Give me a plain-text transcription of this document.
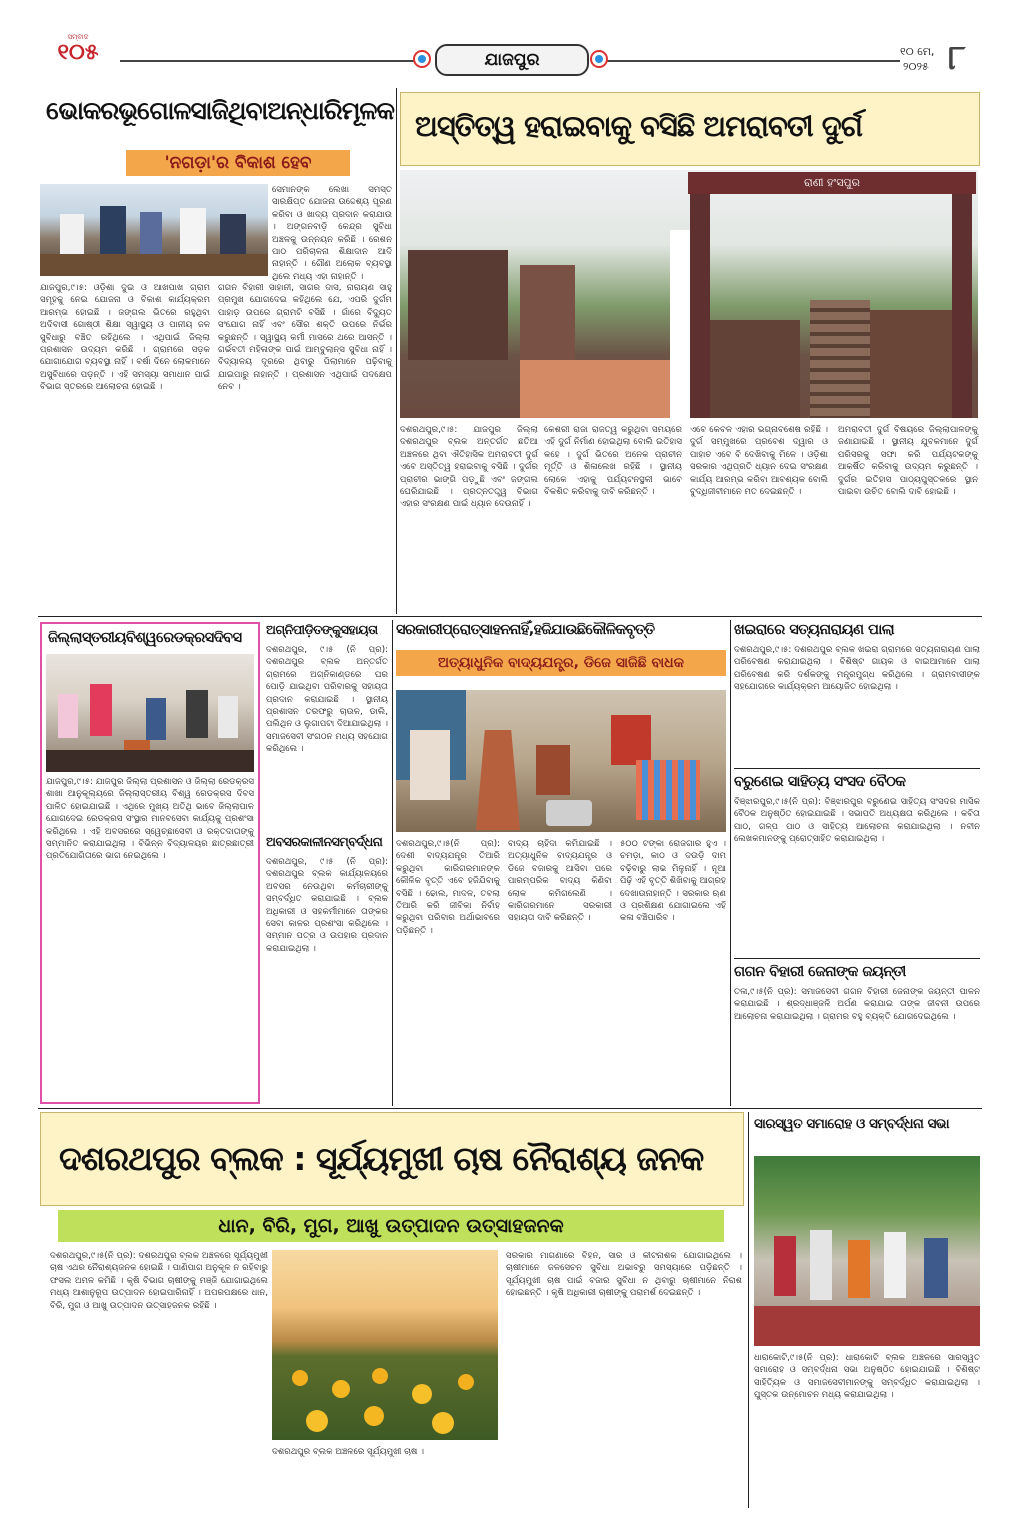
ସମ୍ବାଦ
୧୦୫	ଯାଜପୁର	୧୦ ମେ,
୨୦୨୫ ୮
ଭୋକରଭୂଗୋଳସାଜିଥିବାଅନ୍ଧାରିମୂଳକ
'ନଗଡ଼ା'ର ବିକାଶ ହେବ
ସେମାନଙ୍କ ଲେଖା ସମସ୍ତ ସାରକ୍ଷିପ୍ତ ଯୋଜନା ଉଦ୍ଦେଶ୍ୟ ପୂରଣ କରିବା ଓ ଖାଦ୍ୟ ପ୍ରଦାନ କରାଯାଉ । ଅଙ୍ଗନବାଡ଼ି କେନ୍ଦ୍ର ସୁବିଧା ଅଞ୍ଚଳକୁ ଉନ୍ନୟନ କରିଛି । ରେଶନ ପାଠ ପରିଚାଳନା ଶିକ୍ଷାଦାନ ଆଦି ନାହାନ୍ତି । ଗୌଣ ଅଲୋକ ବ୍ୟବସ୍ଥା ଥିଲେ ମଧ୍ୟ ଏହା ନାହାନ୍ତି ।
ଯାଜପୁର,୯।୫: ଓଡ଼ିଶା ଦୁଇ ଓ ଆଖପାଖ ଗ୍ରାମ ସମୂହକୁ ନେଇ ଯୋଜନା ଓ ବିକାଶ କାର୍ଯ୍ୟକ୍ରମ ଆରମ୍ଭ ହୋଇଛି । ଜଙ୍ଗଲ ଭିତରେ ରହୁଥିବା ଅଦିବାସୀ ଗୋଷ୍ଠୀ ଶିକ୍ଷା ସ୍ୱାସ୍ଥ୍ୟ ଓ ପାନୀୟ ଜଳ ସୁବିଧାରୁ ବଞ୍ଚିତ ରହିଥିଲେ । ଏଥିପାଇଁ ଜିଲ୍ଲା ପ୍ରଶାସନ ଉଦ୍ୟମ କରିଛି । ଗ୍ରାମରେ ସଡ଼କ ଯୋଗାଯୋଗ ବ୍ୟବସ୍ଥା ନାହିଁ । ବର୍ଷା ଦିନେ ଲୋକମାନେ ଅସୁବିଧାରେ ପଡ଼ନ୍ତି । ଏହି ସମସ୍ୟା ସମାଧାନ ପାଇଁ ବିଭାଗ ସ୍ତରରେ ଆଲୋଚନା ହୋଇଛି ।
ଗଗନ ବିହାରୀ ସାହାନୀ, ସାଗର ଦାସ, ନାରାୟଣ ସାହୁ ପ୍ରମୁଖ ଯୋଗଦେଇ କହିଥିଲେ ଯେ, ଏପରି ଦୁର୍ଗମ ପାହାଡ଼ ଉପରେ ଗ୍ରାମଟି ବସିଛି । ଗାଁରେ ବିଦ୍ୟୁତ ସଂଯୋଗ ନାହିଁ ଏବଂ ସୌର ଶକ୍ତି ଉପରେ ନିର୍ଭର କରୁଛନ୍ତି । ସ୍ୱାସ୍ଥ୍ୟ କର୍ମୀ ମାସରେ ଥରେ ଆସନ୍ତି । ଗର୍ଭବତୀ ମହିଳାଙ୍କ ପାଇଁ ଆମ୍ବୁଲାନ୍ସ ସୁବିଧା ନାହିଁ । ବିଦ୍ୟାଳୟ ଦୂରରେ ଥିବାରୁ ପିଲାମାନେ ପଢ଼ିବାକୁ ଯାଇପାରୁ ନାହାନ୍ତି । ପ୍ରଶାସନ ଏଥିପାଇଁ ପଦକ୍ଷେପ ନେବ ।
ଅସ୍ତିତ୍ୱ ହରାଇବାକୁ ବସିଛି ଅମରାବତୀ ଦୁର୍ଗ
ରାଣୀ ହଂସପୁର
ଦଶରଥପୁର,୯।୫: ଯାଜପୁର ଜିଲ୍ଲା ଦଶରଥପୁର ବ୍ଲକ ଅନ୍ତର୍ଗତ ଛତିଆ ଅଞ୍ଚଳରେ ଥିବା ଐତିହାସିକ ଅମରାବତୀ ଦୁର୍ଗ ଏବେ ଅସ୍ତିତ୍ୱ ହରାଇବାକୁ ବସିଛି । ଦୁର୍ଗର ପ୍ରାଚୀର ଭାଙ୍ଗି ପଡ଼ୁଛି ଏବଂ ଜଙ୍ଗଲ ଘେରିଯାଇଛି । ପ୍ରତ୍ନତତ୍ତ୍ୱ ବିଭାଗ ଏହାର ସଂରକ୍ଷଣ ପାଇଁ ଧ୍ୟାନ ଦେଉନାହିଁ ।
କେଶରୀ ରାଜା ରାଜତ୍ୱ କରୁଥିବା ସମୟରେ ଏହି ଦୁର୍ଗ ନିର୍ମାଣ ହୋଇଥିଲା ବୋଲି ଇତିହାସ କହେ । ଦୁର୍ଗ ଭିତରେ ଅନେକ ପ୍ରାଚୀନ ମୂର୍ତ୍ତି ଓ ଶିଳାଲେଖ ରହିଛି । ସ୍ଥାନୀୟ ଲୋକେ ଏହାକୁ ପର୍ଯ୍ୟଟନସ୍ଥଳୀ ଭାବେ ବିକଶିତ କରିବାକୁ ଦାବି କରିଛନ୍ତି ।
ଏବେ କେବଳ ଏହାର ଭଗ୍ନାବଶେଷ ରହିଛି । ଦୁର୍ଗ ସମ୍ମୁଖରେ ପ୍ରବେଶ ଦ୍ୱାର ଓ ପାହାଚ ଏବେ ବି ଦେଖିବାକୁ ମିଳେ । ଓଡ଼ିଶା ସରକାର ଏଥିପ୍ରତି ଧ୍ୟାନ ଦେଇ ସଂରକ୍ଷଣ କାର୍ଯ୍ୟ ଆରମ୍ଭ କରିବା ଆବଶ୍ୟକ ବୋଲି ବୁଦ୍ଧିଜୀବୀମାନେ ମତ ଦେଇଛନ୍ତି ।
ଅମରାବତୀ ଦୁର୍ଗ ବିଷୟରେ ଜିଲ୍ଲାପାଳଙ୍କୁ ଜଣାଯାଇଛି । ସ୍ଥାନୀୟ ଯୁବକମାନେ ଦୁର୍ଗ ପରିସରକୁ ସଫା କରି ପର୍ଯ୍ୟଟକଙ୍କୁ ଆକର୍ଷିତ କରିବାକୁ ଉଦ୍ୟମ କରୁଛନ୍ତି । ଦୁର୍ଗର ଇତିହାସ ପାଠ୍ୟପୁସ୍ତକରେ ସ୍ଥାନ ପାଇବା ଉଚିତ ବୋଲି ଦାବି ହୋଇଛି ।
ଜିଲ୍ଲାସ୍ତରୀୟବିଶ୍ୱରେଡକ୍ରସଦିବସ
ଯାଜପୁର,୯।୫: ଯାଜପୁର ଜିଲ୍ଲା ପ୍ରଶାସନ ଓ ଜିଲ୍ଲା ରେଡକ୍ରସ ଶାଖା ଆନୁକୂଲ୍ୟରେ ଜିଲ୍ଲାସ୍ତରୀୟ ବିଶ୍ୱ ରେଡକ୍ରସ ଦିବସ ପାଳିତ ହୋଇଯାଇଛି । ଏଥିରେ ମୁଖ୍ୟ ଅତିଥି ଭାବେ ଜିଲ୍ଲାପାଳ ଯୋଗଦେଇ ରେଡକ୍ରସ ସଂସ୍ଥାର ମାନବସେବା କାର୍ଯ୍ୟକୁ ପ୍ରଶଂସା କରିଥିଲେ । ଏହି ଅବସରରେ ସ୍ୱେଚ୍ଛାସେବୀ ଓ ରକ୍ତଦାତାଙ୍କୁ ସମ୍ମାନିତ କରାଯାଇଥିଲା । ବିଭିନ୍ନ ବିଦ୍ୟାଳୟର ଛାତ୍ରଛାତ୍ରୀ ପ୍ରତିଯୋଗିତାରେ ଭାଗ ନେଇଥିଲେ ।
ଅଗ୍ନିପୀଡ଼ିତଙ୍କୁସହାୟତା
ଦଶରଥପୁର, ୯।୫ (ନି ପ୍ର): ଦଶରଥପୁର ବ୍ଲକ ଅନ୍ତର୍ଗତ ଗ୍ରାମରେ ଅଗ୍ନିକାଣ୍ଡରେ ଘର ପୋଡ଼ି ଯାଇଥିବା ପରିବାରକୁ ସହାୟତା ପ୍ରଦାନ କରାଯାଇଛି । ସ୍ଥାନୀୟ ପ୍ରଶାସନ ତରଫରୁ ଚାଉଳ, ଡାଲି, ପଲିଥିନ ଓ ଲୁଗାପଟା ଦିଆଯାଇଥିଲା । ସମାଜସେବୀ ସଂଗଠନ ମଧ୍ୟ ସହଯୋଗ କରିଥିଲେ ।
ଅବସରକାଳୀନସମ୍ବର୍ଦ୍ଧନା
ଦଶରଥପୁର, ୯।୫ (ନି ପ୍ର): ଦଶରଥପୁର ବ୍ଲକ କାର୍ଯ୍ୟାଳୟରେ ଅବସର ନେଉଥିବା କର୍ମଚାରୀଙ୍କୁ ସମ୍ବର୍ଦ୍ଧିତ କରାଯାଇଛି । ବ୍ଲକ ଅଧିକାରୀ ଓ ସହକର୍ମୀମାନେ ତାଙ୍କର ସେବା କାଳର ପ୍ରଶଂସା କରିଥିଲେ । ସମ୍ମାନ ପତ୍ର ଓ ଉପହାର ପ୍ରଦାନ କରାଯାଇଥିଲା ।
ସରକାରୀପ୍ରୋତ୍ସାହନନାହିଁ,ହଜିଯାଉଛିକୌଳିକବୃତ୍ତି
ଅତ୍ୟାଧୁନିକ ବାଦ୍ୟଯନ୍ତ୍ର, ଡିଜେ ସାଜିଛି ବାଧକ
ଦଶରଥପୁର,୯।୫(ନି ପ୍ର): ଦେଶୀ ବାଦ୍ୟଯନ୍ତ୍ର ତିଆରି କରୁଥିବା କାରିଗରମାନଙ୍କ କୌଳିକ ବୃତ୍ତି ଏବେ ହଜିଯିବାକୁ ବସିଛି । ଢୋଲ, ମାଦଳ, ତବଲା ତିଆରି କରି ଜୀବିକା ନିର୍ବାହ କରୁଥିବା ପରିବାର ଅର୍ଥାଭାବରେ ପଡ଼ିଛନ୍ତି ।
ବାଦ୍ୟ ଚାହିଦା କମିଯାଇଛି । ଅତ୍ୟାଧୁନିକ ବାଦ୍ୟଯନ୍ତ୍ର ଓ ଡିଜେ ବଜାରକୁ ଆସିବା ପରେ ପାରମ୍ପରିକ ବାଦ୍ୟ କିଣିବା ଲୋକ କମିଗଲେଣି । କାରିଗରମାନେ ସରକାରୀ ସହାୟତା ଦାବି କରିଛନ୍ତି ।
୫୦୦ ଟଙ୍କା ରୋଜଗାର ହୁଏ । ଚମଡ଼ା, କାଠ ଓ ଦଉଡ଼ି ଦାମ ବଢ଼ିବାରୁ ଲାଭ ମିଳୁନାହିଁ । ନୂଆ ପିଢ଼ି ଏହି ବୃତ୍ତି ଶିଖିବାକୁ ଆଗ୍ରହ ଦେଖାଉନାହାନ୍ତି । ସରକାର ଋଣ ଓ ପ୍ରଶିକ୍ଷଣ ଯୋଗାଇଲେ ଏହି କଳା ବଞ୍ଚିପାରିବ ।
ଖଇରାରେ ସତ୍ୟନାରାୟଣ ପାଲା
ଦଶରଥପୁର,୯।୫: ଦଶରଥପୁର ବ୍ଲକ ଖଇରା ଗ୍ରାମରେ ସତ୍ୟନାରାୟଣ ପାଲା ପରିବେଷଣ କରାଯାଇଥିଲା । ବିଶିଷ୍ଟ ଗାୟକ ଓ ବାଇଆମାନେ ପାଲା ପରିବେଷଣ କରି ଦର୍ଶକଙ୍କୁ ମନ୍ତ୍ରମୁଗ୍ଧ କରିଥିଲେ । ଗ୍ରାମବାସୀଙ୍କ ସହଯୋଗରେ କାର୍ଯ୍ୟକ୍ରମ ଆୟୋଜିତ ହୋଇଥିଲା ।
ବରୁଣେଇ ସାହିତ୍ୟ ସଂସଦ ବୈଠକ
ବିଞ୍ଝାରପୁର,୯।୫(ନି ପ୍ର): ବିଞ୍ଝାରପୁର ବରୁଣେଇ ସାହିତ୍ୟ ସଂସଦର ମାସିକ ବୈଠକ ଅନୁଷ୍ଠିତ ହୋଇଯାଇଛି । ସଭାପତି ଅଧ୍ୟକ୍ଷତା କରିଥିଲେ । କବିତା ପାଠ, ଗଳ୍ପ ପାଠ ଓ ସାହିତ୍ୟ ଆଲୋଚନା କରାଯାଇଥିଲା । ନବୀନ ଲେଖକମାନଙ୍କୁ ପ୍ରୋତ୍ସାହିତ କରାଯାଇଥିଲା ।
ଗଗନ ବିହାରୀ ଜେନାଙ୍କ ଜୟନ୍ତୀ
ତଳା,୯।୫(ନି ପ୍ର): ସମାଜସେବୀ ଗଗନ ବିହାରୀ ଜେନାଙ୍କ ଜୟନ୍ତୀ ପାଳନ କରାଯାଇଛି । ଶ୍ରଦ୍ଧାଞ୍ଜଳି ଅର୍ପଣ କରାଯାଇ ତାଙ୍କ ଜୀବନୀ ଉପରେ ଆଲୋଚନା କରାଯାଇଥିଲା । ଗ୍ରାମର ବହୁ ବ୍ୟକ୍ତି ଯୋଗଦେଇଥିଲେ ।
ଦଶରଥପୁର ବ୍ଲକ : ସୂର୍ଯ୍ୟମୁଖୀ ଚାଷ ନୈରାଶ୍ୟ ଜନକ
ଧାନ, ବିରି, ମୁଗ, ଆଖୁ ଉତ୍ପାଦନ ଉତ୍ସାହଜନକ
ଦଶରଥପୁର,୯।୫(ନି ପ୍ର): ଦଶରଥପୁର ବ୍ଲକ ଅଞ୍ଚଳରେ ସୂର୍ଯ୍ୟମୁଖୀ ଚାଷ ଏଥର ନୈରାଶ୍ୟଜନକ ହୋଇଛି । ପାଣିପାଗ ଅନୁକୂଳ ନ ରହିବାରୁ ଫସଲ ଅମଳ କମିଛି । କୃଷି ବିଭାଗ ଚାଷୀଙ୍କୁ ମଞ୍ଜି ଯୋଗାଇଥିଲେ ମଧ୍ୟ ଆଶାନୁରୂପ ଉତ୍ପାଦନ ହୋଇପାରିନାହିଁ । ଅପରପକ୍ଷରେ ଧାନ, ବିରି, ମୁଗ ଓ ଆଖୁ ଉତ୍ପାଦନ ଉତ୍ସାହଜନକ ରହିଛି ।
ଦଶରଥପୁର ବ୍ଲକ ଅଞ୍ଚଳରେ ସୂର୍ଯ୍ୟମୁଖୀ ଚାଷ ।
ସରକାର ମାଗଣାରେ ବିହନ, ସାର ଓ କୀଟନାଶକ ଯୋଗାଇଥିଲେ । ଚାଷୀମାନେ ଜଳସେଚନ ସୁବିଧା ଅଭାବରୁ ସମସ୍ୟାରେ ପଡ଼ିଛନ୍ତି । ସୂର୍ଯ୍ୟମୁଖୀ ଚାଷ ପାଇଁ ବଜାର ସୁବିଧା ନ ଥିବାରୁ ଚାଷୀମାନେ ନିରାଶ ହୋଇଛନ୍ତି । କୃଷି ଅଧିକାରୀ ଚାଷୀଙ୍କୁ ପରାମର୍ଶ ଦେଇଛନ୍ତି ।
ସାରସ୍ୱତ ସମାରୋହ ଓ ସମ୍ବର୍ଦ୍ଧନା ସଭା
ଧାରାକୋଟି,୯।୫(ନି ପ୍ର): ଧାରାକୋଟି ବ୍ଲକ ଅଞ୍ଚଳରେ ସାରସ୍ୱତ ସମାରୋହ ଓ ସମ୍ବର୍ଦ୍ଧନା ସଭା ଅନୁଷ୍ଠିତ ହୋଇଯାଇଛି । ବିଶିଷ୍ଟ ସାହିତ୍ୟିକ ଓ ସମାଜସେବୀମାନଙ୍କୁ ସମ୍ବର୍ଦ୍ଧିତ କରାଯାଇଥିଲା । ପୁସ୍ତକ ଉନ୍ମୋଚନ ମଧ୍ୟ କରାଯାଇଥିଲା ।
